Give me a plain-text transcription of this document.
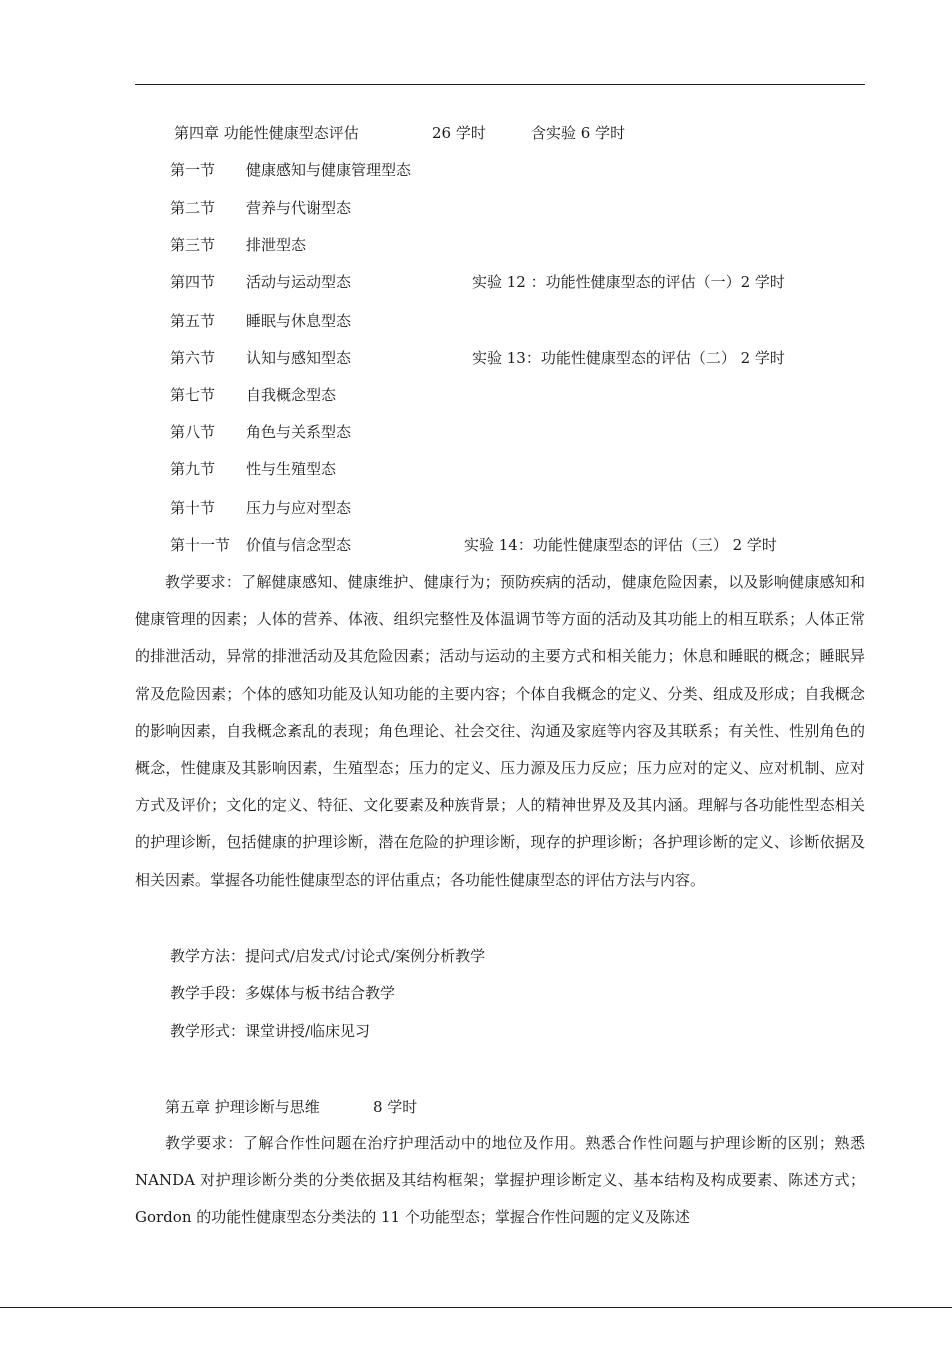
第四章 功能性健康型态评估	26 学时	含实验 6 学时
第一节 健康感知与健康管理型态
第二节 营养与代谢型态
第三节 排泄型态
第四节 活动与运动型态	实验 12 ：功能性健康型态的评估（一）2 学时
第五节 睡眠与休息型态
第六节 认知与感知型态	实验 13：功能性健康型态的评估（二） 2 学时
第七节 自我概念型态
第八节 角色与关系型态
第九节 性与生殖型态
第十节 压力与应对型态
第十一节 价值与信念型态	实验 14：功能性健康型态的评估（三） 2 学时

教学要求：了解健康感知、健康维护、健康行为；预防疾病的活动，健康危险因素，以及影响健康感知和健康管理的因素；人体的营养、体液、组织完整性及体温调节等方面的活动及其功能上的相互联系；人体正常的排泄活动，异常的排泄活动及其危险因素；活动与运动的主要方式和相关能力；休息和睡眠的概念；睡眠异常及危险因素；个体的感知功能及认知功能的主要内容；个体自我概念的定义、分类、组成及形成；自我概念的影响因素，自我概念紊乱的表现；角色理论、社会交往、沟通及家庭等内容及其联系；有关性、性别角色的概念，性健康及其影响因素，生殖型态；压力的定义、压力源及压力反应；压力应对的定义、应对机制、应对方式及评价；文化的定义、特征、文化要素及种族背景；人的精神世界及及其内涵。理解与各功能性型态相关的护理诊断，包括健康的护理诊断，潜在危险的护理诊断，现存的护理诊断；各护理诊断的定义、诊断依据及相关因素。掌握各功能性健康型态的评估重点；各功能性健康型态的评估方法与内容。

教学方法：提问式/启发式/讨论式/案例分析教学
教学手段：多媒体与板书结合教学
教学形式：课堂讲授/临床见习
第五章 护理诊断与思维	8 学时

教学要求：了解合作性问题在治疗护理活动中的地位及作用。熟悉合作性问题与护理诊断的区别；熟悉 NANDA 对护理诊断分类的分类依据及其结构框架；掌握护理诊断定义、基本结构及构成要素、陈述方式；Gordon 的功能性健康型态分类法的 11 个功能型态；掌握合作性问题的定义及陈述
